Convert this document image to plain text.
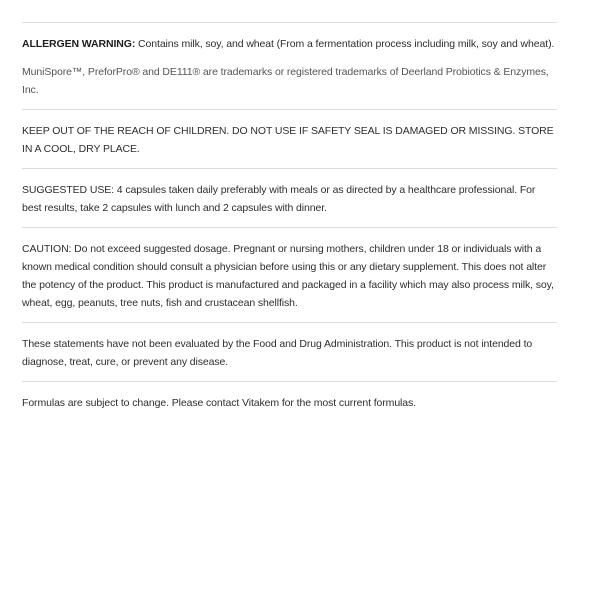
ALLERGEN WARNING: Contains milk, soy, and wheat (From a fermentation process including milk, soy and wheat).

MuniSpore™, PreforPro® and DE111® are trademarks or registered trademarks of Deerland Probiotics & Enzymes, Inc.

KEEP OUT OF THE REACH OF CHILDREN. DO NOT USE IF SAFETY SEAL IS DAMAGED OR MISSING. STORE IN A COOL, DRY PLACE.

SUGGESTED USE: 4 capsules taken daily preferably with meals or as directed by a healthcare professional. For best results, take 2 capsules with lunch and 2 capsules with dinner.

CAUTION: Do not exceed suggested dosage. Pregnant or nursing mothers, children under 18 or individuals with a known medical condition should consult a physician before using this or any dietary supplement. This does not alter the potency of the product. This product is manufactured and packaged in a facility which may also process milk, soy, wheat, egg, peanuts, tree nuts, fish and crustacean shellfish.

These statements have not been evaluated by the Food and Drug Administration. This product is not intended to diagnose, treat, cure, or prevent any disease.

Formulas are subject to change. Please contact Vitakem for the most current formulas.
